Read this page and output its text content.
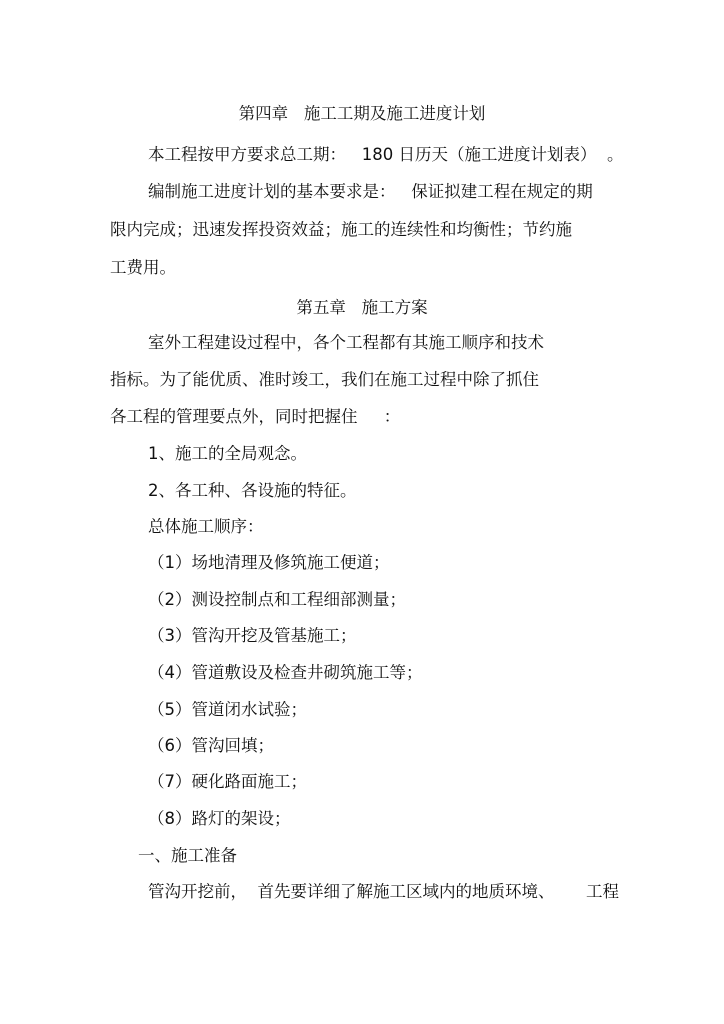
第四章   施工工期及施工进度计划
本工程按甲方要求总工期：   180 日历天（施工进度计划表）  。
编制施工进度计划的基本要求是：   保证拟建工程在规定的期
限内完成；迅速发挥投资效益；施工的连续性和均衡性；节约施
工费用。
第五章   施工方案
室外工程建设过程中，各个工程都有其施工顺序和技术
指标。为了能优质、准时竣工，我们在施工过程中除了抓住
各工程的管理要点外，同时把握住     ：
1、施工的全局观念。
2、各工种、各设施的特征。
总体施工顺序：
（1）场地清理及修筑施工便道；
（2）测设控制点和工程细部测量；
（3）管沟开挖及管基施工；
（4）管道敷设及检查井砌筑施工等；
（5）管道闭水试验；
（6）管沟回填；
（7）硬化路面施工；
（8）路灯的架设；
一、施工准备
管沟开挖前，  首先要详细了解施工区域内的地质环境、      工程
